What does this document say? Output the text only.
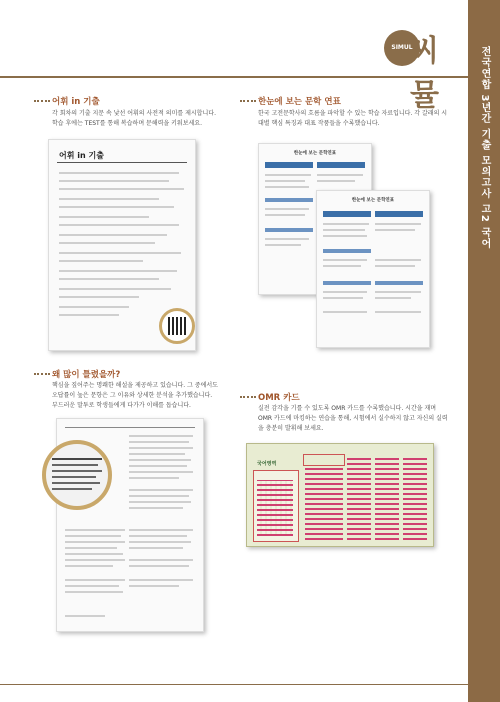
전국연합 3년간 기출 모의고사 고2 국어
SIMUL
씨뮬
어휘 in 기출
각 회차의 기출 지문 속 낯선 어휘의 사전적 의미를 제시합니다.
학습 후에는 TEST를 통해 복습하며 문해력을 키워보세요.
어휘 in 기출
한눈에 보는 문학 연표
한국 고전문학사의 흐름을 파악할 수 있는 학습 자료입니다. 각 갈래의 시
대별 핵심 특징과 대표 작품들을 수록했습니다.
한눈에 보는 문학연표
한눈에 보는 문학연표
왜 많이 틀렸을까?
핵심을 짚어주는 명쾌한 해설을 제공하고 있습니다. 그 중에서도
오답률이 높은 문항은 그 이유와 상세한 분석을 추가했습니다.
부드러운 말투로 학생들에게 다가가 이해를 돕습니다.
OMR 카드
실전 감각을 기를 수 있도록 OMR 카드를 수록했습니다. 시간을 재며
OMR 카드에 마킹하는 연습을 통해, 시험에서 실수하지 않고 자신의 실력
을 충분히 발휘해 보세요.
국어영역
